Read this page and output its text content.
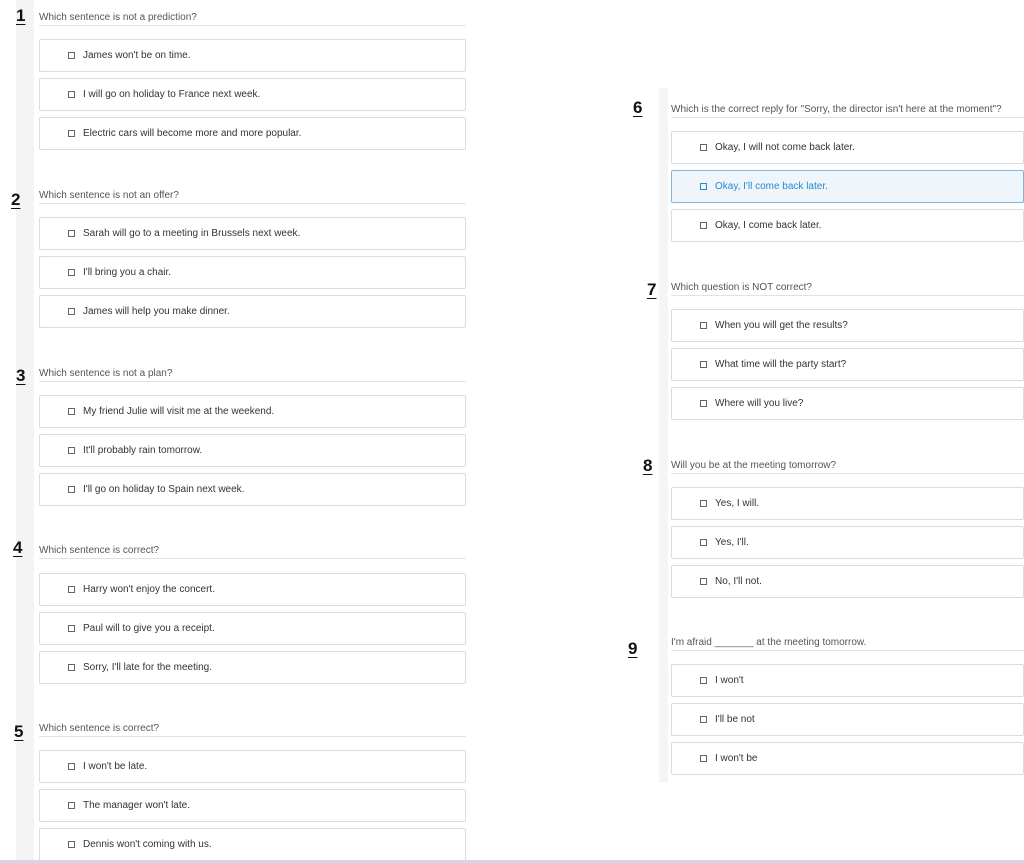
1 Which sentence is not a prediction?
James won't be on time.
I will go on holiday to France next week.
Electric cars will become more and more popular.
2 Which sentence is not an offer?
Sarah will go to a meeting in Brussels next week.
I'll bring you a chair.
James will help you make dinner.
3 Which sentence is not a plan?
My friend Julie will visit me at the weekend.
It'll probably rain tomorrow.
I'll go on holiday to Spain next week.
4 Which sentence is correct?
Harry won't enjoy the concert.
Paul will to give you a receipt.
Sorry, I'll late for the meeting.
5 Which sentence is correct?
I won't be late.
The manager won't late.
Dennis won't coming with us.
6	Which is the correct reply for "Sorry, the director isn't here at the moment"?
Okay, I will not come back later.
Okay, I'll come back later.
Okay, I come back later.
7 Which question is NOT correct?
When you will get the results?
What time will the party start?
Where will you live?
8 Will you be at the meeting tomorrow?
Yes, I will.
Yes, I'll.
No, I'll not.
9	I'm afraid _______ at the meeting tomorrow.
I won't
I'll be not
I won't be
